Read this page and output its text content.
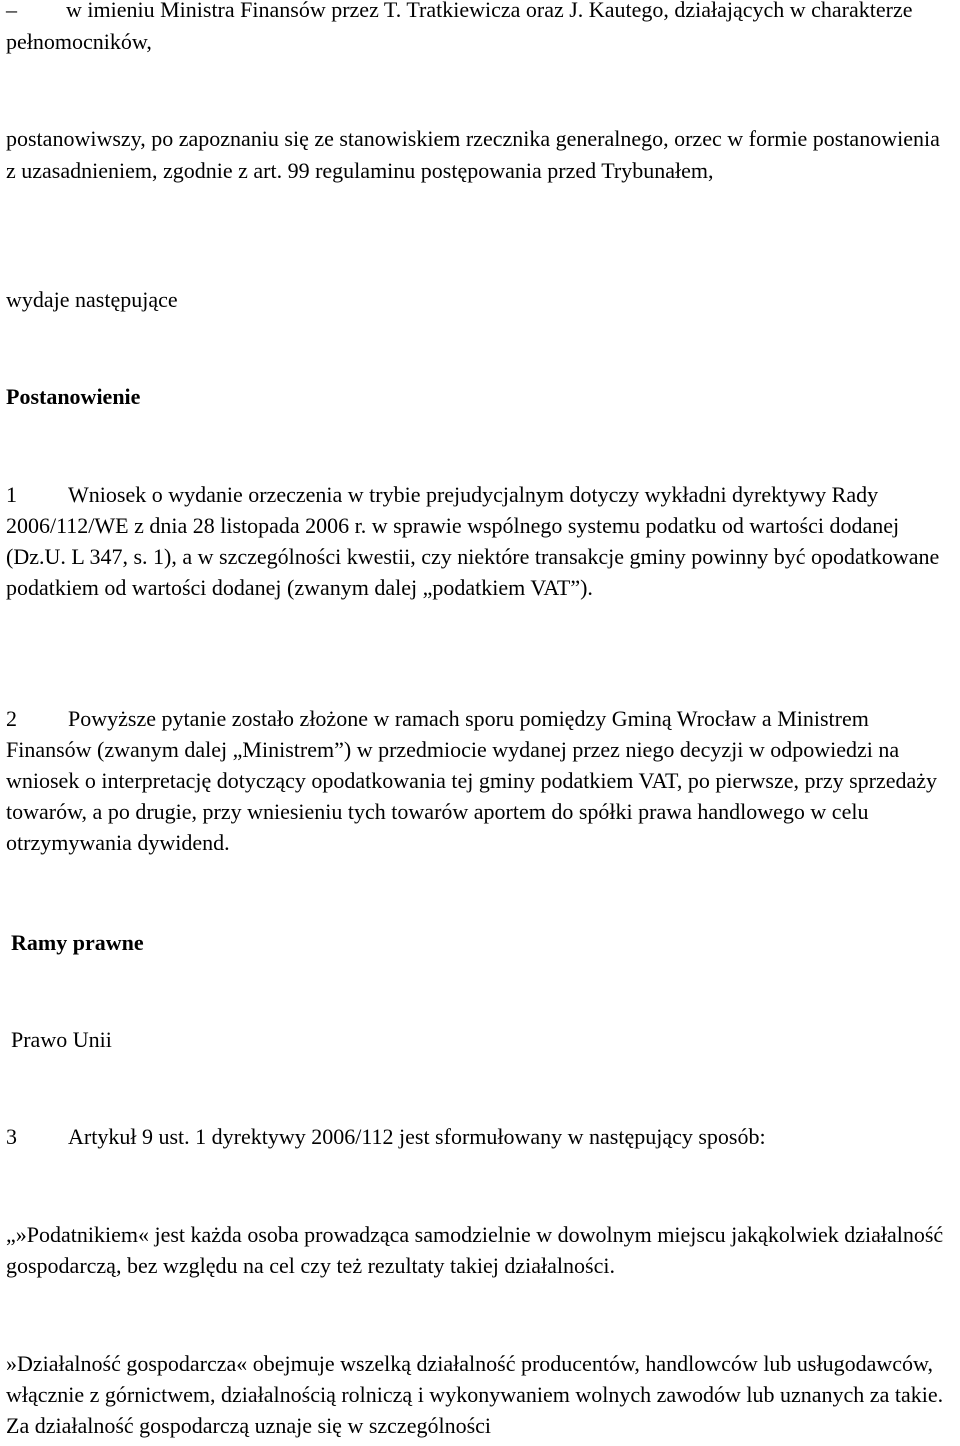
– w imieniu Ministra Finansów przez T. Tratkiewicza oraz J. Kautego, działających w charakterze pełnomocników,

postanowiwszy, po zapoznaniu się ze stanowiskiem rzecznika generalnego, orzec w formie postanowienia z uzasadnieniem, zgodnie z art. 99 regulaminu postępowania przed Trybunałem,

wydaje następujące

Postanowienie

1 Wniosek o wydanie orzeczenia w trybie prejudycjalnym dotyczy wykładni dyrektywy Rady 2006/112/WE z dnia 28 listopada 2006 r. w sprawie wspólnego systemu podatku od wartości dodanej (Dz.U. L 347, s. 1), a w szczególności kwestii, czy niektóre transakcje gminy powinny być opodatkowane podatkiem od wartości dodanej (zwanym dalej „podatkiem VAT”).
2 Powyższe pytanie zostało złożone w ramach sporu pomiędzy Gminą Wrocław a Ministrem Finansów (zwanym dalej „Ministrem”) w przedmiocie wydanej przez niego decyzji w odpowiedzi na wniosek o interpretację dotyczący opodatkowania tej gminy podatkiem VAT, po pierwsze, przy sprzedaży towarów, a po drugie, przy wniesieniu tych towarów aportem do spółki prawa handlowego w celu otrzymywania dywidend.

Ramy prawne

Prawo Unii

3 Artykuł 9 ust. 1 dyrektywy 2006/112 jest sformułowany w następujący sposób:

„»Podatnikiem« jest każda osoba prowadząca samodzielnie w dowolnym miejscu jakąkolwiek działalność gospodarczą, bez względu na cel czy też rezultaty takiej działalności.

»Działalność gospodarcza« obejmuje wszelką działalność producentów, handlowców lub usługodawców, włącznie z górnictwem, działalnością rolniczą i wykonywaniem wolnych zawodów lub uznanych za takie. Za działalność gospodarczą uznaje się w szczególności
